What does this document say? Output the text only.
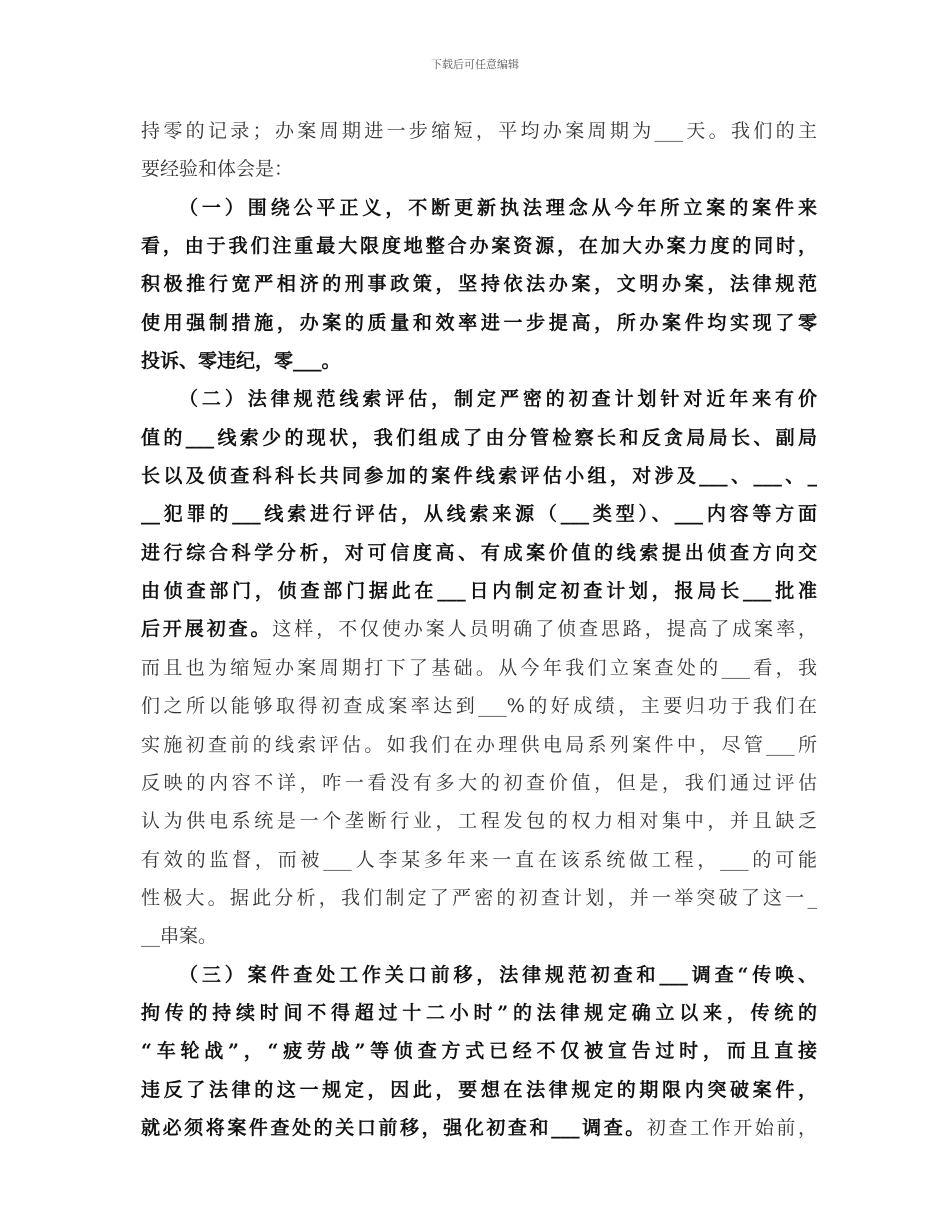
下载后可任意编辑
持零的记录；办案周期进一步缩短，平均办案周期为___天。我们的主
要经验和体会是：
（一）围绕公平正义，不断更新执法理念从今年所立案的案件来
看，由于我们注重最大限度地整合办案资源，在加大办案力度的同时，
积极推行宽严相济的刑事政策，坚持依法办案，文明办案，法律规范
使用强制措施，办案的质量和效率进一步提高，所办案件均实现了零
投诉、零违纪，零___。
（二）法律规范线索评估，制定严密的初查计划针对近年来有价
值的___线索少的现状，我们组成了由分管检察长和反贪局局长、副局
长以及侦查科科长共同参加的案件线索评估小组，对涉及___、___、_
__犯罪的___线索进行评估，从线索来源（___类型）、___内容等方面
进行综合科学分析，对可信度高、有成案价值的线索提出侦查方向交
由侦查部门，侦查部门据此在___日内制定初查计划，报局长___批准
后开展初查。这样，不仅使办案人员明确了侦查思路，提高了成案率，
而且也为缩短办案周期打下了基础。从今年我们立案查处的___看，我
们之所以能够取得初查成案率达到___%的好成绩，主要归功于我们在
实施初查前的线索评估。如我们在办理供电局系列案件中，尽管___所
反映的内容不详，咋一看没有多大的初查价值，但是，我们通过评估
认为供电系统是一个垄断行业，工程发包的权力相对集中，并且缺乏
有效的监督，而被___人李某多年来一直在该系统做工程，___的可能
性极大。据此分析，我们制定了严密的初查计划，并一举突破了这一_
__串案。
（三）案件查处工作关口前移，法律规范初查和___调查“传唤、
拘传的持续时间不得超过十二小时”的法律规定确立以来，传统的
“车轮战”，“疲劳战”等侦查方式已经不仅被宣告过时，而且直接
违反了法律的这一规定，因此，要想在法律规定的期限内突破案件，
就必须将案件查处的关口前移，强化初查和___调查。初查工作开始前，
